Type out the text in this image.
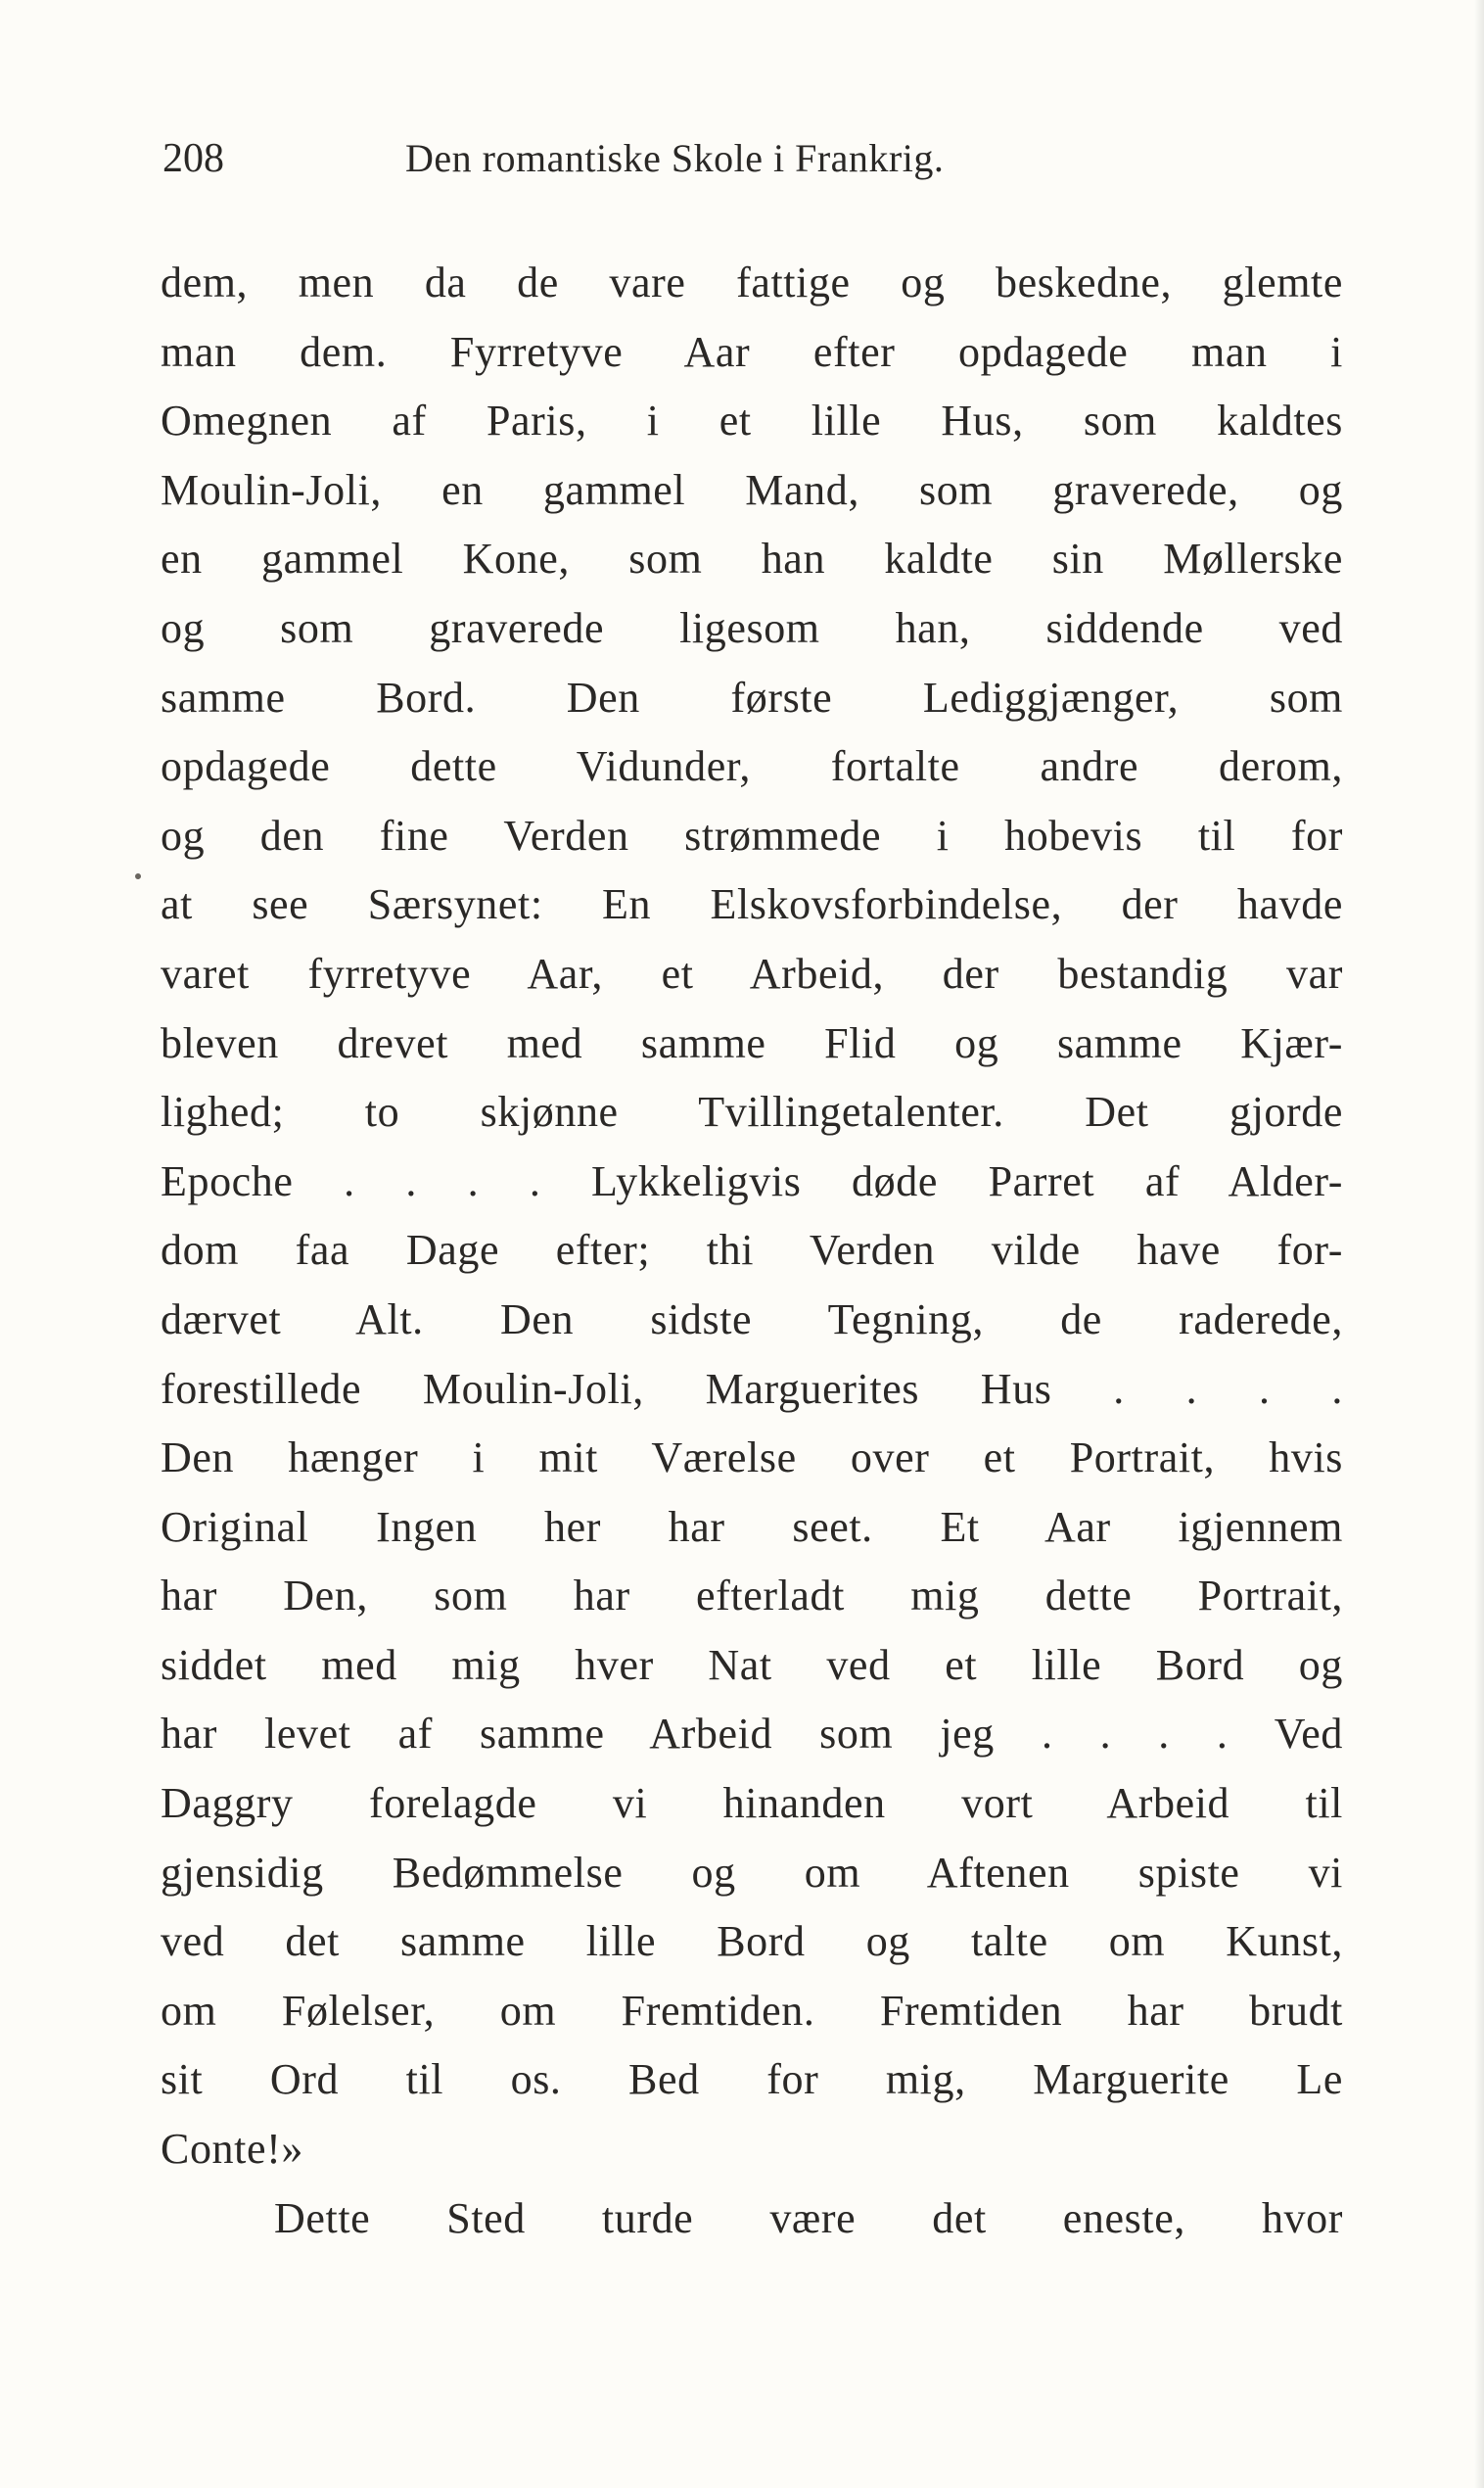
208	Den romantiske Skole i Frankrig.
dem, men da de vare fattige og beskedne, glemte
man dem. Fyrretyve Aar efter opdagede man i
Omegnen af Paris, i et lille Hus, som kaldtes
Moulin-Joli, en gammel Mand, som graverede, og
en gammel Kone, som han kaldte sin Møllerske
og som graverede ligesom han, siddende ved
samme Bord. Den første Lediggjænger, som
opdagede dette Vidunder, fortalte andre derom,
og den fine Verden strømmede i hobevis til for
at see Særsynet: En Elskovsforbindelse, der havde
varet fyrretyve Aar, et Arbeid, der bestandig var
bleven drevet med samme Flid og samme Kjær-
lighed; to skjønne Tvillingetalenter. Det gjorde
Epoche . . . . Lykkeligvis døde Parret af Alder-
dom faa Dage efter; thi Verden vilde have for-
dærvet Alt. Den sidste Tegning, de raderede,
forestillede Moulin-Joli, Marguerites Hus . . . .
Den hænger i mit Værelse over et Portrait, hvis
Original Ingen her har seet. Et Aar igjennem
har Den, som har efterladt mig dette Portrait,
siddet med mig hver Nat ved et lille Bord og
har levet af samme Arbeid som jeg . . . . Ved
Daggry forelagde vi hinanden vort Arbeid til
gjensidig Bedømmelse og om Aftenen spiste vi
ved det samme lille Bord og talte om Kunst,
om Følelser, om Fremtiden. Fremtiden har brudt
sit Ord til os. Bed for mig, Marguerite Le
Conte!»
Dette Sted turde være det eneste, hvor
